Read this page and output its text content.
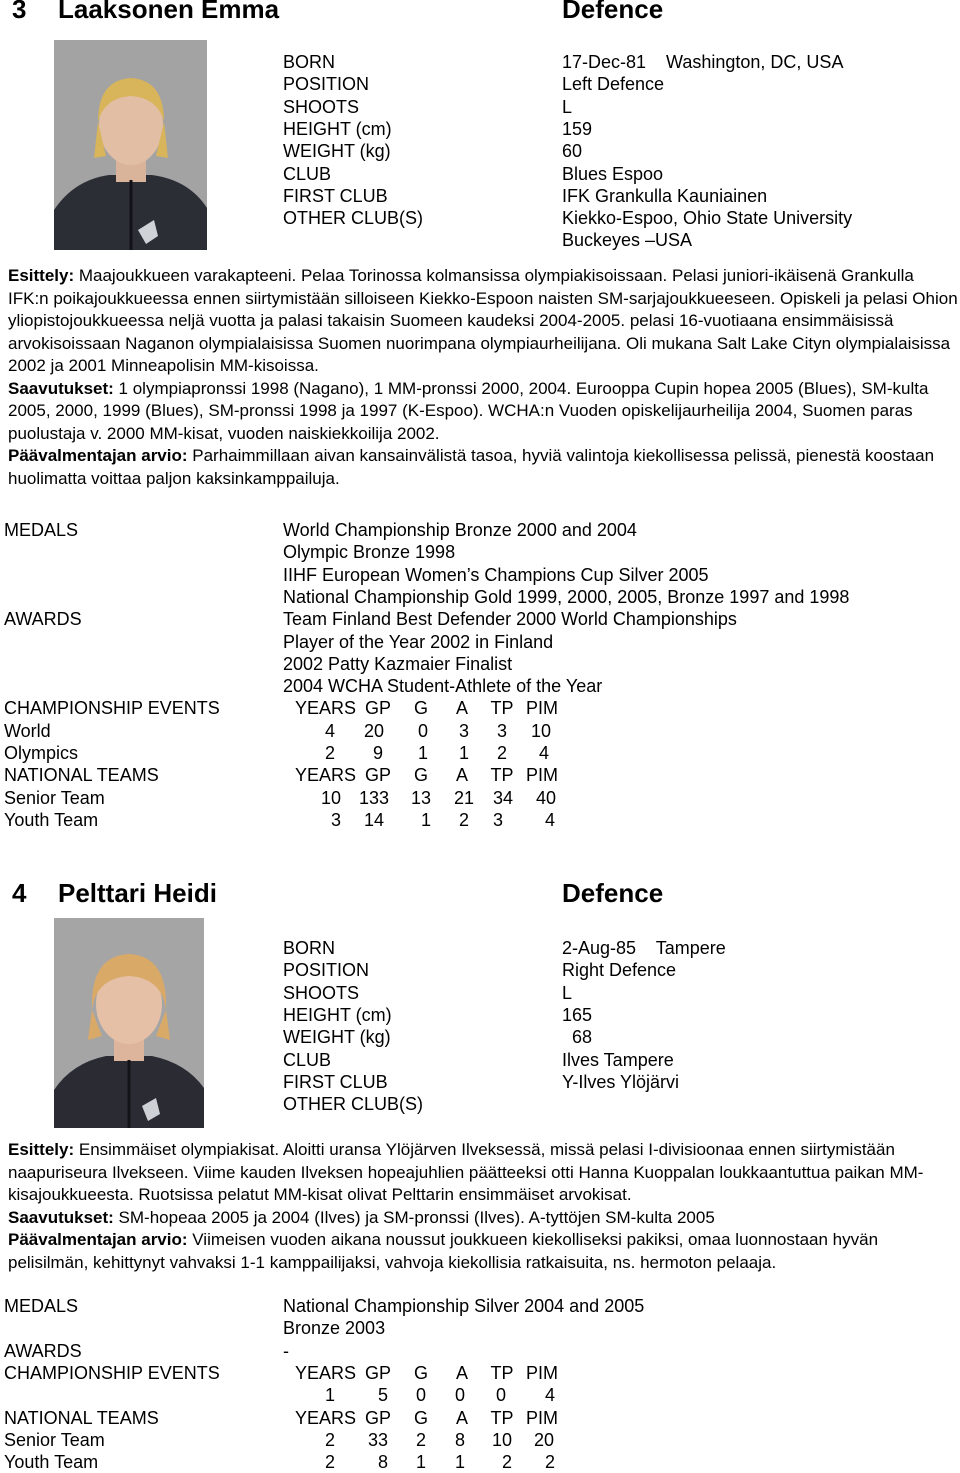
3 Laaksonen Emma	Defence
BORN	17-Dec-81    Washington, DC, USA
POSITION	Left Defence
SHOOTS	L
HEIGHT (cm)	159
WEIGHT (kg)	60
CLUB	Blues Espoo
FIRST CLUB	IFK Grankulla Kauniainen
OTHER CLUB(S)	Kiekko-Espoo, Ohio State University
Buckeyes –USA
Esittely: Maajoukkueen varakapteeni. Pelaa Torinossa kolmansissa olympiakisoissaan. Pelasi juniori-ikäisenä Grankulla IFK:n poikajoukkueessa ennen siirtymistään silloiseen Kiekko-Espoon naisten SM-sarjajoukkueeseen. Opiskeli ja pelasi Ohion yliopistojoukkueessa neljä vuotta ja palasi takaisin Suomeen kaudeksi 2004-2005. pelasi 16-vuotiaana ensimmäisissä arvokisoissaan Naganon olympialaisissa Suomen nuorimpana olympiaurheilijana. Oli mukana Salt Lake Cityn olympialaisissa 2002 ja 2001 Minneapolisin MM-kisoissa.
Saavutukset: 1 olympiapronssi 1998 (Nagano), 1 MM-pronssi 2000, 2004. Eurooppa Cupin hopea 2005 (Blues), SM-kulta 2005, 2000, 1999 (Blues), SM-pronssi 1998 ja 1997 (K-Espoo). WCHA:n Vuoden opiskelijaurheilija 2004, Suomen paras puolustaja v. 2000 MM-kisat, vuoden naiskiekkoilija 2002.
Päävalmentajan arvio: Parhaimmillaan aivan kansainvälistä tasoa, hyviä valintoja kiekollisessa pelissä, pienestä koostaan huolimatta voittaa paljon kaksinkamppailuja.
MEDALS	World Championship Bronze 2000 and 2004
Olympic Bronze 1998
IIHF European Women’s Champions Cup Silver 2005
National Championship Gold 1999, 2000, 2005, Bronze 1997 and 1998
AWARDS	Team Finland Best Defender 2000 World Championships
Player of the Year 2002 in Finland
2002 Patty Kazmaier Finalist
2004 WCHA Student-Athlete of the Year
CHAMPIONSHIP EVENTS	YEARS GP	G	A	TP PIM
World	4	20	0	3	3	10
Olympics	2	9	1	1	2	4
NATIONAL TEAMS	YEARS GP	G	A	TP PIM
Senior Team	10 133	13	21	34	40
Youth Team	3	14	1	2	3	4
4 Pelttari Heidi	Defence
BORN	2-Aug-85    Tampere
POSITION	Right Defence
SHOOTS	L
HEIGHT (cm)	165
WEIGHT (kg)	68
CLUB	Ilves Tampere
FIRST CLUB	Y-Ilves Ylöjärvi
OTHER CLUB(S)
Esittely: Ensimmäiset olympiakisat. Aloitti uransa Ylöjärven Ilveksessä, missä pelasi I-divisioonaa ennen siirtymistään naapuriseura Ilvekseen. Viime kauden Ilveksen hopeajuhlien päätteeksi otti Hanna Kuoppalan loukkaantuttua paikan MM-kisajoukkueesta. Ruotsissa pelatut MM-kisat olivat Pelttarin ensimmäiset arvokisat.
Saavutukset: SM-hopeaa 2005 ja 2004 (Ilves) ja SM-pronssi (Ilves). A-tyttöjen SM-kulta 2005
Päävalmentajan arvio: Viimeisen vuoden aikana noussut joukkueen kiekolliseksi pakiksi, omaa luonnostaan hyvän pelisilmän, kehittynyt vahvaksi 1-1 kamppailijaksi, vahvoja kiekollisia ratkaisuita, ns. hermoton pelaaja.
MEDALS	National Championship Silver 2004 and 2005
Bronze 2003
AWARDS	-
CHAMPIONSHIP EVENTS	YEARS GP	G	A	TP PIM
1	5	0	0	0	4
NATIONAL TEAMS	YEARS GP	G	A	TP PIM
Senior Team	2	33	2	8	10	20
Youth Team	2	8	1	1	2	2
